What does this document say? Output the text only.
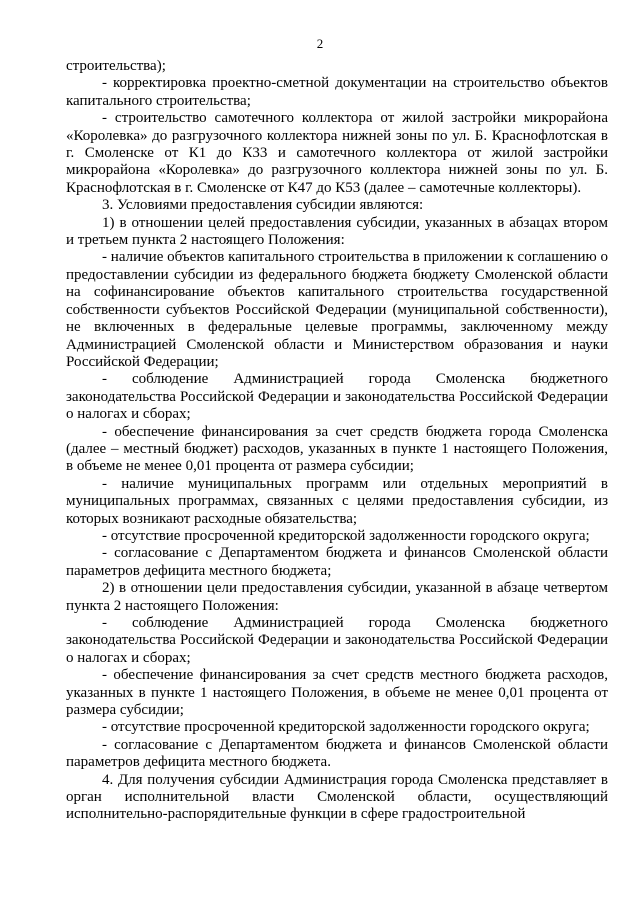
2

строительства);

- корректировка проектно-сметной документации на строительство объектов капитального строительства;

- строительство самотечного коллектора от жилой застройки микрорайона «Королевка» до разгрузочного коллектора нижней зоны по ул. Б. Краснофлотская в г. Смоленске от К1 до К33 и самотечного коллектора от жилой застройки микрорайона «Королевка» до разгрузочного коллектора нижней зоны по ул. Б. Краснофлотская в г. Смоленске от К47 до К53 (далее – самотечные коллекторы).

3. Условиями предоставления субсидии являются:

1) в отношении целей предоставления субсидии, указанных в абзацах втором и третьем пункта 2 настоящего Положения:

- наличие объектов капитального строительства в приложении к соглашению о предоставлении субсидии из федерального бюджета бюджету Смоленской области на софинансирование объектов капитального строительства государственной собственности субъектов Российской Федерации (муниципальной собственности), не включенных в федеральные целевые программы, заключенному между Администрацией Смоленской области и Министерством образования и науки Российской Федерации;

- соблюдение Администрацией города Смоленска бюджетного законодательства Российской Федерации и законодательства Российской Федерации о налогах и сборах;

- обеспечение финансирования за счет средств бюджета города Смоленска (далее – местный бюджет) расходов, указанных в пункте 1 настоящего Положения, в объеме не менее 0,01 процента от размера субсидии;

- наличие муниципальных программ или отдельных мероприятий в муниципальных программах, связанных с целями предоставления субсидии, из которых возникают расходные обязательства;

- отсутствие просроченной кредиторской задолженности городского округа;

- согласование с Департаментом бюджета и финансов Смоленской области параметров дефицита местного бюджета;

2) в отношении цели предоставления субсидии, указанной в абзаце четвертом пункта 2 настоящего Положения:

- соблюдение Администрацией города Смоленска бюджетного законодательства Российской Федерации и законодательства Российской Федерации о налогах и сборах;

- обеспечение финансирования за счет средств местного бюджета расходов, указанных в пункте 1 настоящего Положения, в объеме не менее 0,01 процента от размера субсидии;

- отсутствие просроченной кредиторской задолженности городского округа;

- согласование с Департаментом бюджета и финансов Смоленской области параметров дефицита местного бюджета.

4. Для получения субсидии Администрация города Смоленска представляет в орган исполнительной власти Смоленской области, осуществляющий исполнительно-распорядительные функции в сфере градостроительной
